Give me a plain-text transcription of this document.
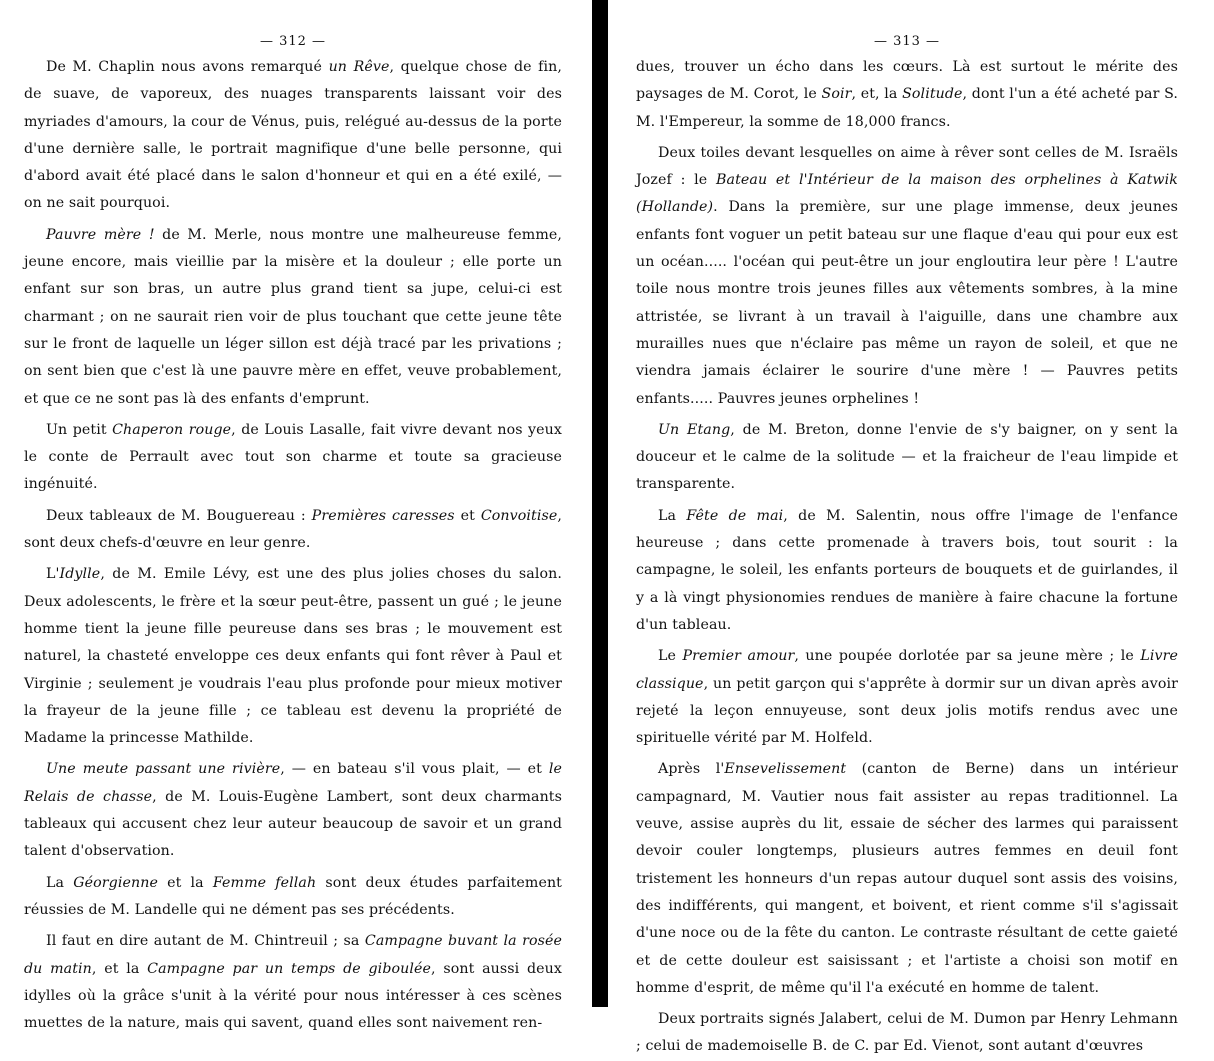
— 312 —

De M. Chaplin nous avons remarqué un Rêve, quelque chose de fin, de suave, de vaporeux, des nuages transparents laissant voir des myriades d'amours, la cour de Vénus, puis, relégué au-dessus de la porte d'une dernière salle, le portrait magnifique d'une belle personne, qui d'abord avait été placé dans le salon d'honneur et qui en a été exilé, — on ne sait pourquoi.

Pauvre mère ! de M. Merle, nous montre une malheureuse femme, jeune encore, mais vieillie par la misère et la douleur ; elle porte un enfant sur son bras, un autre plus grand tient sa jupe, celui-ci est charmant ; on ne saurait rien voir de plus touchant que cette jeune tête sur le front de laquelle un léger sillon est déjà tracé par les privations ; on sent bien que c'est là une pauvre mère en effet, veuve probablement, et que ce ne sont pas là des enfants d'emprunt.

Un petit Chaperon rouge, de Louis Lasalle, fait vivre devant nos yeux le conte de Perrault avec tout son charme et toute sa gracieuse ingénuité.

Deux tableaux de M. Bouguereau : Premières caresses et Convoitise, sont deux chefs-d'œuvre en leur genre.

L'Idylle, de M. Emile Lévy, est une des plus jolies choses du salon. Deux adolescents, le frère et la sœur peut-être, passent un gué ; le jeune homme tient la jeune fille peureuse dans ses bras ; le mouvement est naturel, la chasteté enveloppe ces deux enfants qui font rêver à Paul et Virginie ; seulement je voudrais l'eau plus profonde pour mieux motiver la frayeur de la jeune fille ; ce tableau est devenu la propriété de Madame la princesse Mathilde.

Une meute passant une rivière, — en bateau s'il vous plait, — et le Relais de chasse, de M. Louis-Eugène Lambert, sont deux charmants tableaux qui accusent chez leur auteur beaucoup de savoir et un grand talent d'observation.

La Géorgienne et la Femme fellah sont deux études parfaitement réussies de M. Landelle qui ne dément pas ses précédents.

Il faut en dire autant de M. Chintreuil ; sa Campagne buvant la rosée du matin, et la Campagne par un temps de giboulée, sont aussi deux idylles où la grâce s'unit à la vérité pour nous intéresser à ces scènes muettes de la nature, mais qui savent, quand elles sont naivement ren-

— 313 —

dues, trouver un écho dans les cœurs. Là est surtout le mérite des paysages de M. Corot, le Soir, et, la Solitude, dont l'un a été acheté par S. M. l'Empereur, la somme de 18,000 francs.

Deux toiles devant lesquelles on aime à rêver sont celles de M. Israëls Jozef : le Bateau et l'Intérieur de la maison des orphelines à Katwik (Hollande). Dans la première, sur une plage immense, deux jeunes enfants font voguer un petit bateau sur une flaque d'eau qui pour eux est un océan..... l'océan qui peut-être un jour engloutira leur père ! L'autre toile nous montre trois jeunes filles aux vêtements sombres, à la mine attristée, se livrant à un travail à l'aiguille, dans une chambre aux murailles nues que n'éclaire pas même un rayon de soleil, et que ne viendra jamais éclairer le sourire d'une mère ! — Pauvres petits enfants..... Pauvres jeunes orphelines !

Un Etang, de M. Breton, donne l'envie de s'y baigner, on y sent la douceur et le calme de la solitude — et la fraicheur de l'eau limpide et transparente.

La Fête de mai, de M. Salentin, nous offre l'image de l'enfance heureuse ; dans cette promenade à travers bois, tout sourit : la campagne, le soleil, les enfants porteurs de bouquets et de guirlandes, il y a là vingt physionomies rendues de manière à faire chacune la fortune d'un tableau.

Le Premier amour, une poupée dorlotée par sa jeune mère ; le Livre classique, un petit garçon qui s'apprête à dormir sur un divan après avoir rejeté la leçon ennuyeuse, sont deux jolis motifs rendus avec une spirituelle vérité par M. Holfeld.

Après l'Ensevelissement (canton de Berne) dans un intérieur campagnard, M. Vautier nous fait assister au repas traditionnel. La veuve, assise auprès du lit, essaie de sécher des larmes qui paraissent devoir couler longtemps, plusieurs autres femmes en deuil font tristement les honneurs d'un repas autour duquel sont assis des voisins, des indifférents, qui mangent, et boivent, et rient comme s'il s'agissait d'une noce ou de la fête du canton. Le contraste résultant de cette gaieté et de cette douleur est saisissant ; et l'artiste a choisi son motif en homme d'esprit, de même qu'il l'a exécuté en homme de talent.

Deux portraits signés Jalabert, celui de M. Dumon par Henry Lehmann ; celui de mademoiselle B. de C. par Ed. Vienot, sont autant d'œuvres
